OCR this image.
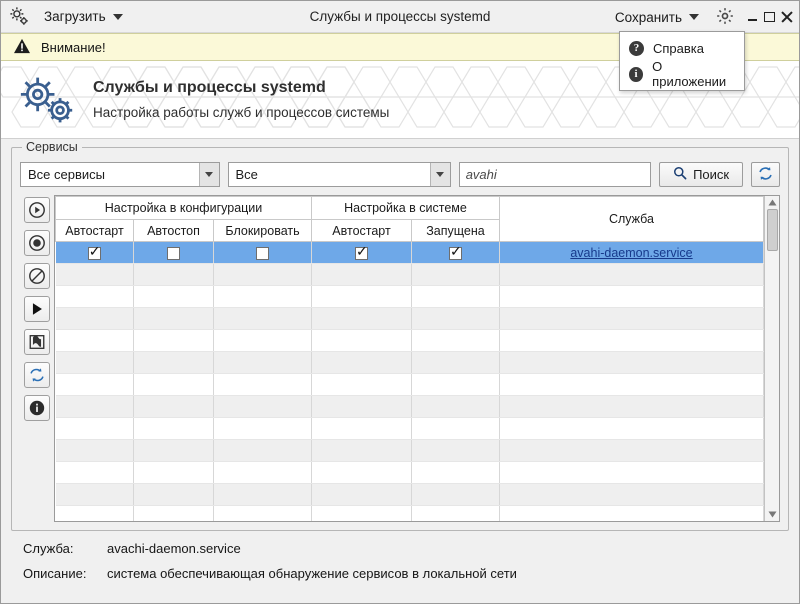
Загрузить	Службы и процессы systemd	Сохранить
?	Справка
i	О приложении
Внимание!
Службы и процессы systemd
Настройка работы служб и процессов системы
Сервисы
Все сервисы	Все
avahi	Поиск
Настройка в конфигурации			Настройка в системе		Служба
Автостарт	Автостоп	Блокировать	Автостарт	Запущена	
✓			✓	✓	avahi-daemon.service

Служба:	avachi-daemon.service
Описание:	система обеспечивающая обнаружение сервисов в локальной сети
